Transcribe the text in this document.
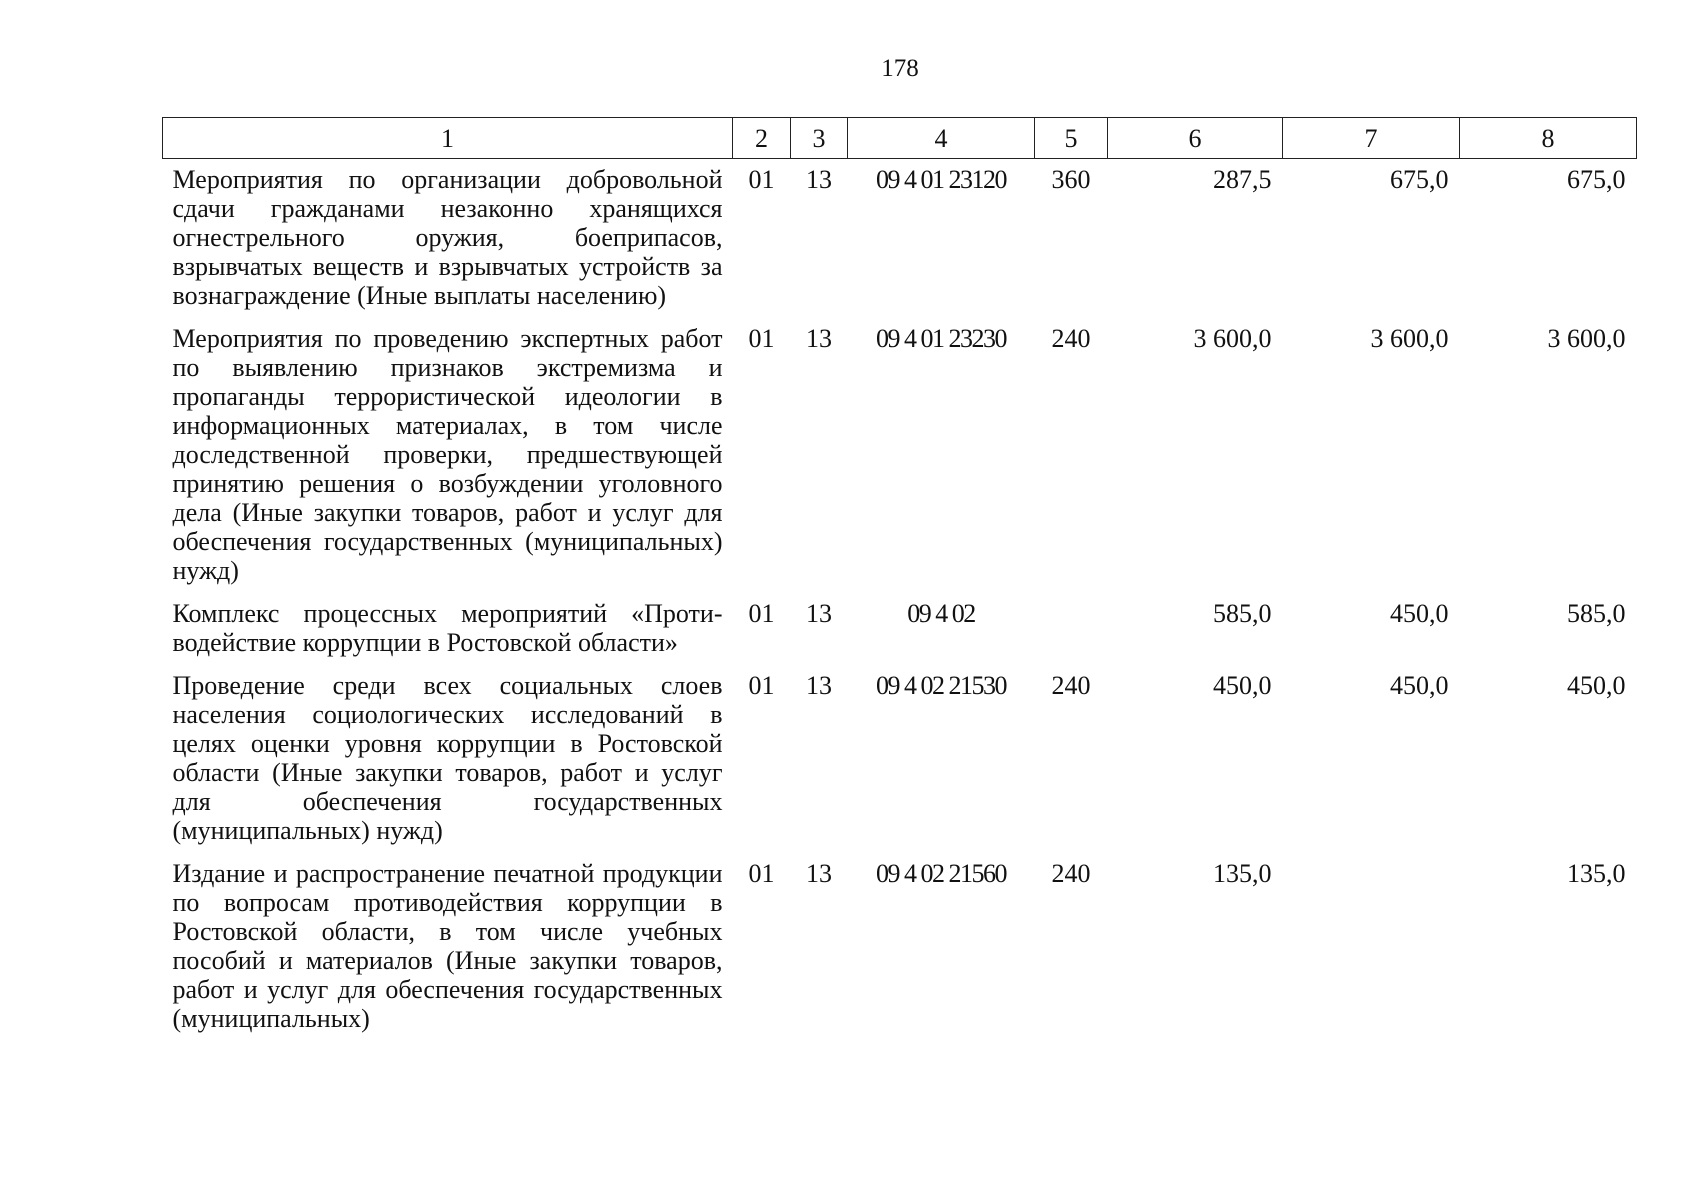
178
1	2	3	4	5	6	7	8
Мероприятия по организации добровольной сдачи гражданами незаконно хранящихся огнестрельного оружия, боеприпасов, взрывчатых веществ и взрывчатых устройств за вознаграждение (Иные выплаты населению)	01	13	09 4 01 23120	360	287,5	675,0	675,0
Мероприятия по проведению экспертных работ по выявлению признаков экстремизма и пропаганды террористической идеологии в информационных материалах, в том числе доследственной проверки, предшествующей принятию решения о возбуждении уголовного дела (Иные закупки товаров, работ и услуг для обеспечения государственных (муниципальных) нужд)	01	13	09 4 01 23230	240	3 600,0	3 600,0	3 600,0
Комплекс процессных мероприятий «Противодействие коррупции в Ростовской области»	01	13	09 4 02		585,0	450,0	585,0
Проведение среди всех социальных слоев населения социологических исследований в целях оценки уровня коррупции в Ростовской области (Иные закупки товаров, работ и услуг для обеспечения государственных (муниципальных) нужд)	01	13	09 4 02 21530	240	450,0	450,0	450,0
Издание и распространение печатной продукции по вопросам противодействия коррупции в Ростовской области, в том числе учебных пособий и материалов (Иные закупки товаров, работ и услуг для обеспечения государственных (муниципальных)	01	13	09 4 02 21560	240	135,0		135,0
